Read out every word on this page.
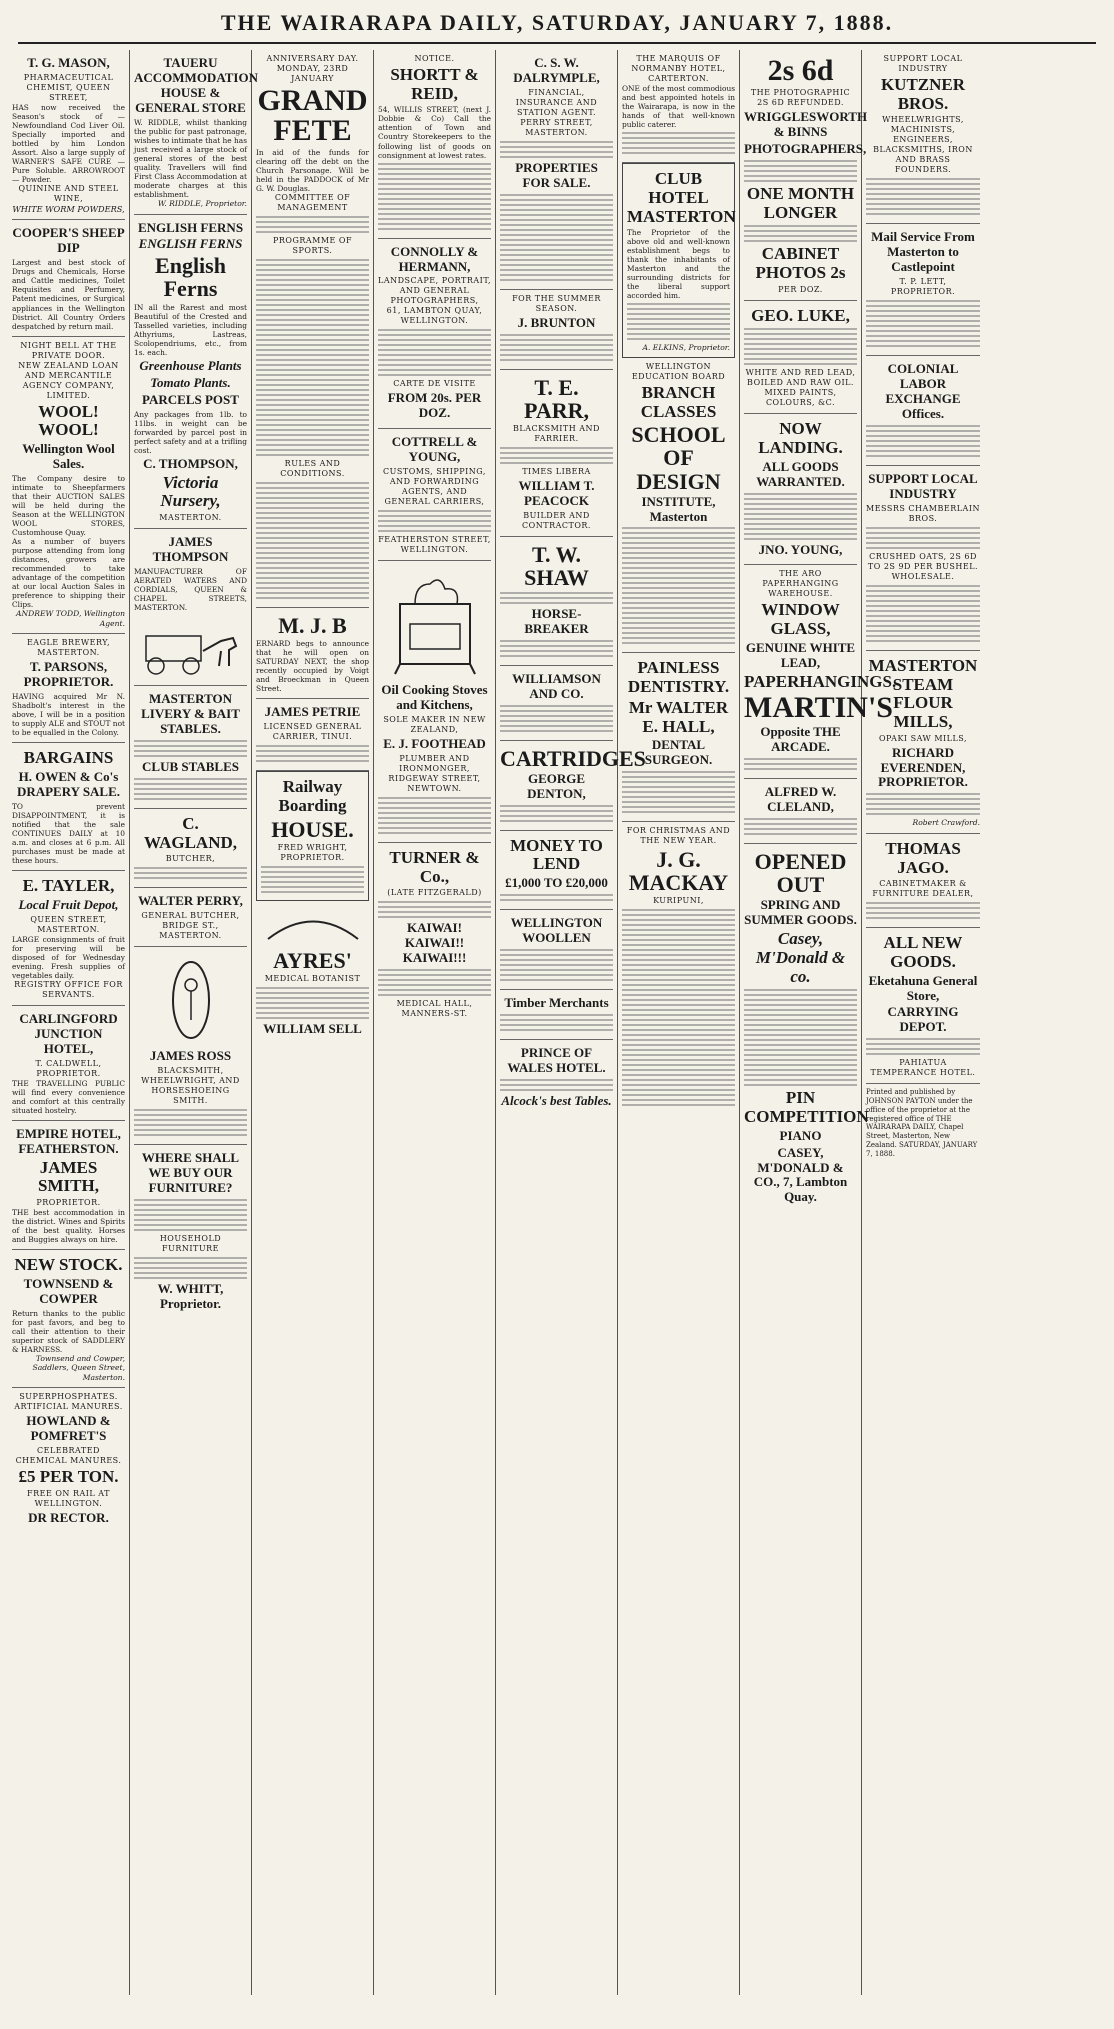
THE WAIRARAPA DAILY, SATURDAY, JANUARY 7, 1888.
T. G. MASON,
PHARMACEUTICAL CHEMIST, QUEEN STREET,
HAS now received the Season's stock of — Newfoundland Cod Liver Oil. Specially imported and bottled by him London Assort. Also a large supply of WARNER'S SAFE CURE — Pure Soluble. ARROWROOT — Powder.
QUININE AND STEEL WINE,
WHITE WORM POWDERS,
COOPER'S SHEEP DIP
Largest and best stock of Drugs and Chemicals, Horse and Cattle medicines, Toilet Requisites and Perfumery, Patent medicines, or Surgical appliances in the Wellington District. All Country Orders despatched by return mail.
NIGHT BELL AT THE PRIVATE DOOR.
NEW ZEALAND LOAN AND MERCANTILE AGENCY COMPANY, LIMITED.
WOOL! WOOL!
Wellington Wool Sales.
The Company desire to intimate to Sheepfarmers that their AUCTION SALES will be held during the Season at the WELLINGTON WOOL STORES, Customhouse Quay.
As a number of buyers purpose attending from long distances, growers are recommended to take advantage of the competition at our local Auction Sales in preference to shipping their Clips.
ANDREW TODD, Wellington Agent.
EAGLE BREWERY, MASTERTON.
T. PARSONS, PROPRIETOR.
HAVING acquired Mr N. Shadbolt's interest in the above, I will be in a position to supply ALE and STOUT not to be equalled in the Colony.
BARGAINS
H. OWEN & Co's DRAPERY SALE.
TO prevent DISAPPOINTMENT, it is notified that the sale CONTINUES DAILY at 10 a.m. and closes at 6 p.m. All purchases must be made at these hours.
E. TAYLER,
Local Fruit Depot,
QUEEN STREET, MASTERTON.
LARGE consignments of fruit for preserving will be disposed of for Wednesday evening. Fresh supplies of vegetables daily.
REGISTRY OFFICE FOR SERVANTS.
CARLINGFORD JUNCTION HOTEL,
T. CALDWELL, PROPRIETOR.
THE TRAVELLING PUBLIC will find every convenience and comfort at this centrally situated hostelry.
EMPIRE HOTEL, FEATHERSTON.
JAMES SMITH,
PROPRIETOR.
THE best accommodation in the district. Wines and Spirits of the best quality. Horses and Buggies always on hire.
NEW STOCK.
TOWNSEND & COWPER
Return thanks to the public for past favors, and beg to call their attention to their superior stock of SADDLERY & HARNESS.
Townsend and Cowper, Saddlers, Queen Street, Masterton.
SUPERPHOSPHATES.
ARTIFICIAL MANURES.
HOWLAND & POMFRET'S
CELEBRATED CHEMICAL MANURES.
£5 PER TON.
FREE ON RAIL AT WELLINGTON.
DR RECTOR.
TAUERU ACCOMMODATION HOUSE & GENERAL STORE
W. RIDDLE, whilst thanking the public for past patronage, wishes to intimate that he has just received a large stock of general stores of the best quality. Travellers will find First Class Accommodation at moderate charges at this establishment.
W. RIDDLE, Proprietor.
ENGLISH FERNS
ENGLISH FERNS
English Ferns
IN all the Rarest and most Beautiful of the Crested and Tasselled varieties, including Athyriums, Lastreas, Scolopendriums, etc., from 1s. each.
Greenhouse Plants
Tomato Plants.
PARCELS POST
Any packages from 1lb. to 11lbs. in weight can be forwarded by parcel post in perfect safety and at a trifling cost.
C. THOMPSON,
Victoria Nursery,
MASTERTON.
JAMES THOMPSON
MANUFACTURER OF AERATED WATERS AND CORDIALS, QUEEN & CHAPEL STREETS, MASTERTON.
MASTERTON LIVERY & BAIT STABLES.
CLUB STABLES
C. WAGLAND,
BUTCHER,
WALTER PERRY,
GENERAL BUTCHER, BRIDGE ST., MASTERTON.
JAMES ROSS
BLACKSMITH, WHEELWRIGHT, AND HORSESHOEING SMITH.
WHERE SHALL WE BUY OUR FURNITURE?
HOUSEHOLD FURNITURE
W. WHITT, Proprietor.
ANNIVERSARY DAY. MONDAY, 23RD JANUARY
GRAND FETE
In aid of the funds for clearing off the debt on the Church Parsonage. Will be held in the PADDOCK of Mr G. W. Douglas.
COMMITTEE OF MANAGEMENT
PROGRAMME OF SPORTS.
RULES AND CONDITIONS.
M. J. B
ERNARD begs to announce that he will open on SATURDAY NEXT, the shop recently occupied by Voigt and Broeckman in Queen Street.
JAMES PETRIE
LICENSED GENERAL CARRIER, TINUI.
Railway Boarding
HOUSE.
FRED WRIGHT, PROPRIETOR.
AYRES'
MEDICAL BOTANIST
WILLIAM SELL
NOTICE.
SHORTT & REID,
54, WILLIS STREET, (next J. Dobbie & Co) Call the attention of Town and Country Storekeepers to the following list of goods on consignment at lowest rates.
CONNOLLY & HERMANN,
LANDSCAPE, PORTRAIT, AND GENERAL PHOTOGRAPHERS,
61, LAMBTON QUAY, WELLINGTON.
CARTE DE VISITE
FROM 20s. PER DOZ.
COTTRELL & YOUNG,
CUSTOMS, SHIPPING, AND FORWARDING AGENTS, AND GENERAL CARRIERS,
FEATHERSTON STREET, WELLINGTON.
Oil Cooking Stoves and Kitchens,
SOLE MAKER IN NEW ZEALAND,
E. J. FOOTHEAD
PLUMBER AND IRONMONGER, RIDGEWAY STREET, NEWTOWN.
TURNER & Co.,
(LATE FITZGERALD)
KAIWAI! KAIWAI!! KAIWAI!!!
MEDICAL HALL, MANNERS-ST.
C. S. W. DALRYMPLE,
FINANCIAL, INSURANCE AND STATION AGENT.
PERRY STREET, MASTERTON.
PROPERTIES FOR SALE.
FOR THE SUMMER SEASON.
J. BRUNTON
T. E. PARR,
BLACKSMITH AND FARRIER.
TIMES LIBERA
WILLIAM T. PEACOCK
BUILDER AND CONTRACTOR.
T. W. SHAW
HORSE-BREAKER
WILLIAMSON AND CO.
CARTRIDGES
GEORGE DENTON,
MONEY TO LEND
£1,000 TO £20,000
WELLINGTON WOOLLEN
Timber Merchants
PRINCE OF WALES HOTEL.
Alcock's best Tables.
THE MARQUIS OF NORMANBY HOTEL, CARTERTON.
ONE of the most commodious and best appointed hotels in the Wairarapa, is now in the hands of that well-known public caterer.
CLUB HOTEL MASTERTON
The Proprietor of the above old and well-known establishment begs to thank the inhabitants of Masterton and the surrounding districts for the liberal support accorded him.
A. ELKINS, Proprietor.
WELLINGTON EDUCATION BOARD
BRANCH CLASSES
SCHOOL OF DESIGN
INSTITUTE, Masterton
PAINLESS DENTISTRY.
Mr WALTER E. HALL,
DENTAL SURGEON.
FOR CHRISTMAS AND THE NEW YEAR.
J. G. MACKAY
KURIPUNI,
2s 6d
THE PHOTOGRAPHIC 2S 6D REFUNDED.
WRIGGLESWORTH & BINNS
PHOTOGRAPHERS,
ONE MONTH LONGER
CABINET PHOTOS 2s
PER DOZ.
GEO. LUKE,
WHITE AND RED LEAD,
BOILED AND RAW OIL.
MIXED PAINTS, COLOURS, &C.
NOW LANDING.
ALL GOODS WARRANTED.
JNO. YOUNG,
THE ARO PAPERHANGING WAREHOUSE.
WINDOW GLASS,
GENUINE WHITE LEAD,
PAPERHANGINGS.
MARTIN'S
Opposite THE ARCADE.
ALFRED W. CLELAND,
OPENED OUT
SPRING AND SUMMER GOODS.
Casey, M'Donald & co.
PIN COMPETITION
PIANO
CASEY, M'DONALD & CO., 7, Lambton Quay.
SUPPORT LOCAL INDUSTRY
KUTZNER BROS.
WHEELWRIGHTS, MACHINISTS, ENGINEERS, BLACKSMITHS, IRON AND BRASS FOUNDERS.
Mail Service From Masterton to Castlepoint
T. P. LETT, PROPRIETOR.
COLONIAL LABOR EXCHANGE Offices.
SUPPORT LOCAL INDUSTRY
MESSRS CHAMBERLAIN BROS.
CRUSHED OATS, 2S 6D TO 2S 9D PER BUSHEL.
WHOLESALE.
MASTERTON STEAM FLOUR MILLS,
OPAKI SAW MILLS,
RICHARD EVERENDEN, PROPRIETOR.
Robert Crawford.
THOMAS JAGO.
CABINETMAKER & FURNITURE DEALER,
ALL NEW GOODS.
Eketahuna General Store,
CARRYING DEPOT.
PAHIATUA TEMPERANCE HOTEL.
Printed and published by JOHNSON PAYTON under the office of the proprietor at the registered office of THE WAIRARAPA DAILY, Chapel Street, Masterton, New Zealand. SATURDAY, JANUARY 7, 1888.
